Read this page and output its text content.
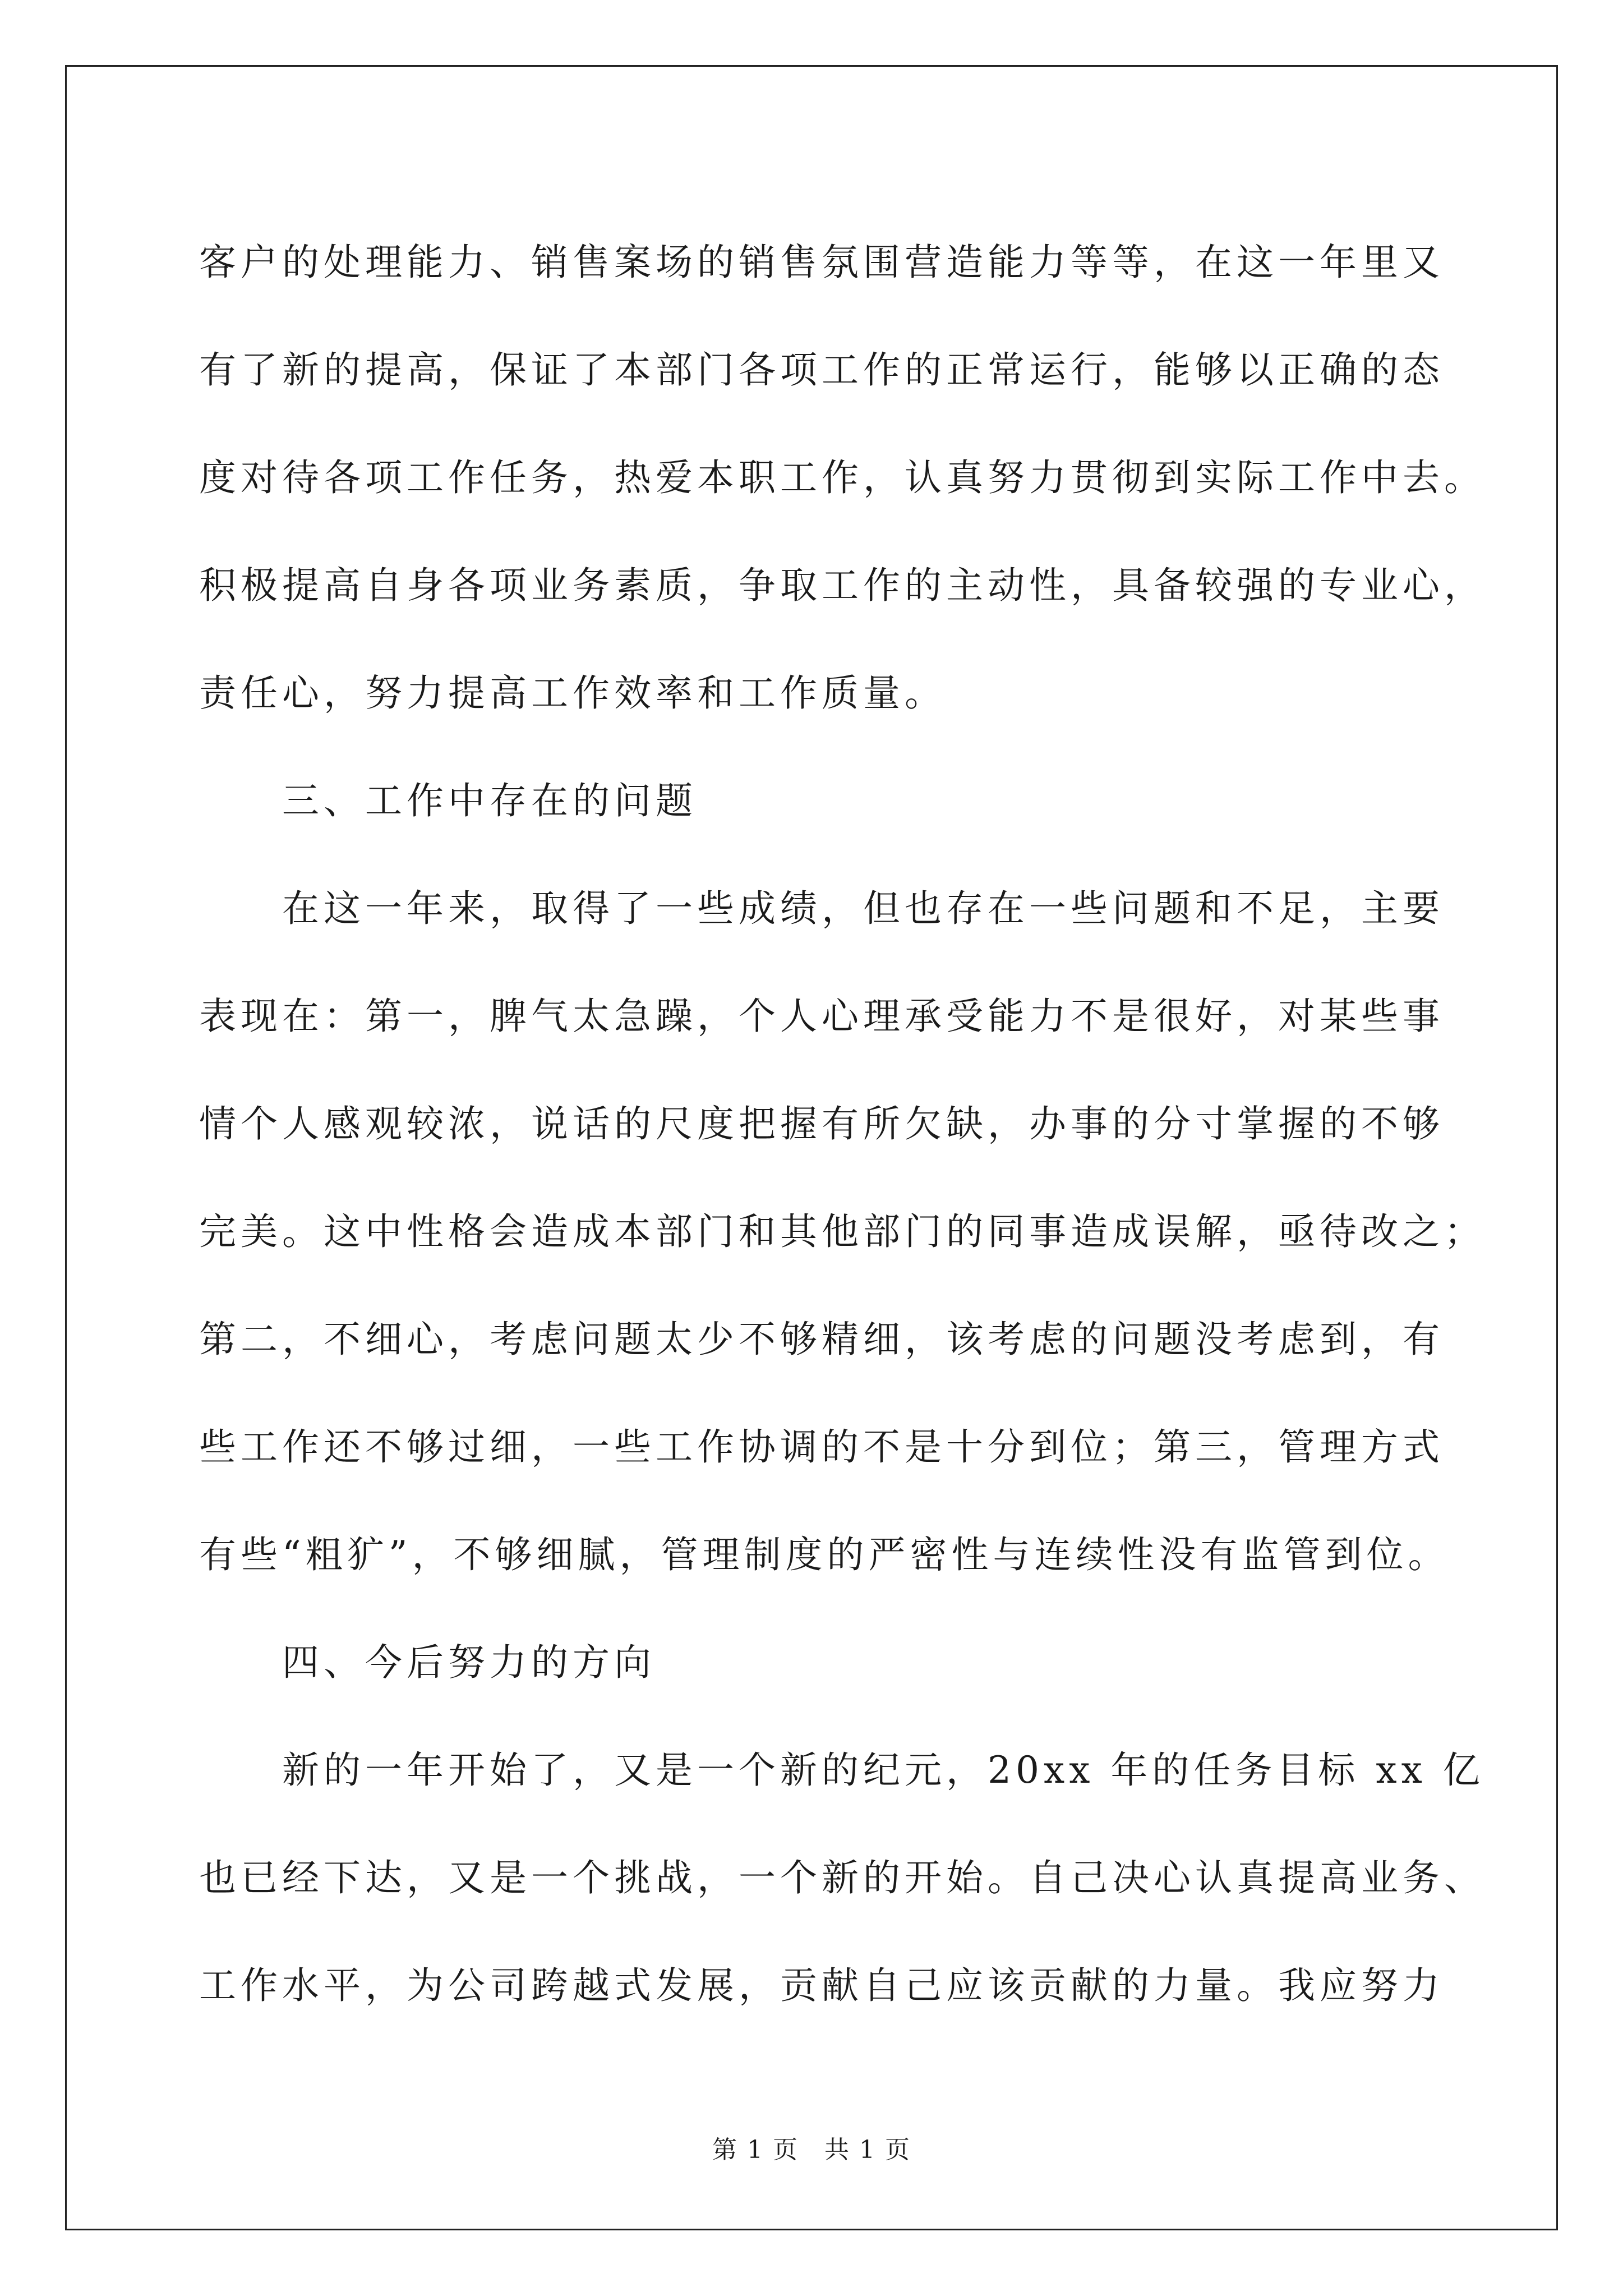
客户的处理能力、销售案场的销售氛围营造能力等等，在这一年里又
有了新的提高，保证了本部门各项工作的正常运行，能够以正确的态
度对待各项工作任务，热爱本职工作，认真努力贯彻到实际工作中去。
积极提高自身各项业务素质，争取工作的主动性，具备较强的专业心，
责任心，努力提高工作效率和工作质量。
三、工作中存在的问题
在这一年来，取得了一些成绩，但也存在一些问题和不足，主要
表现在：第一，脾气太急躁，个人心理承受能力不是很好，对某些事
情个人感观较浓，说话的尺度把握有所欠缺，办事的分寸掌握的不够
完美。这中性格会造成本部门和其他部门的同事造成误解，亟待改之；
第二，不细心，考虑问题太少不够精细，该考虑的问题没考虑到，有
些工作还不够过细，一些工作协调的不是十分到位；第三，管理方式
有些“粗犷”，不够细腻，管理制度的严密性与连续性没有监管到位。
四、今后努力的方向
新的一年开始了，又是一个新的纪元，20xx 年的任务目标 xx 亿
也已经下达，又是一个挑战，一个新的开始。自己决心认真提高业务、
工作水平，为公司跨越式发展，贡献自己应该贡献的力量。我应努力
第 1 页　共 1 页
